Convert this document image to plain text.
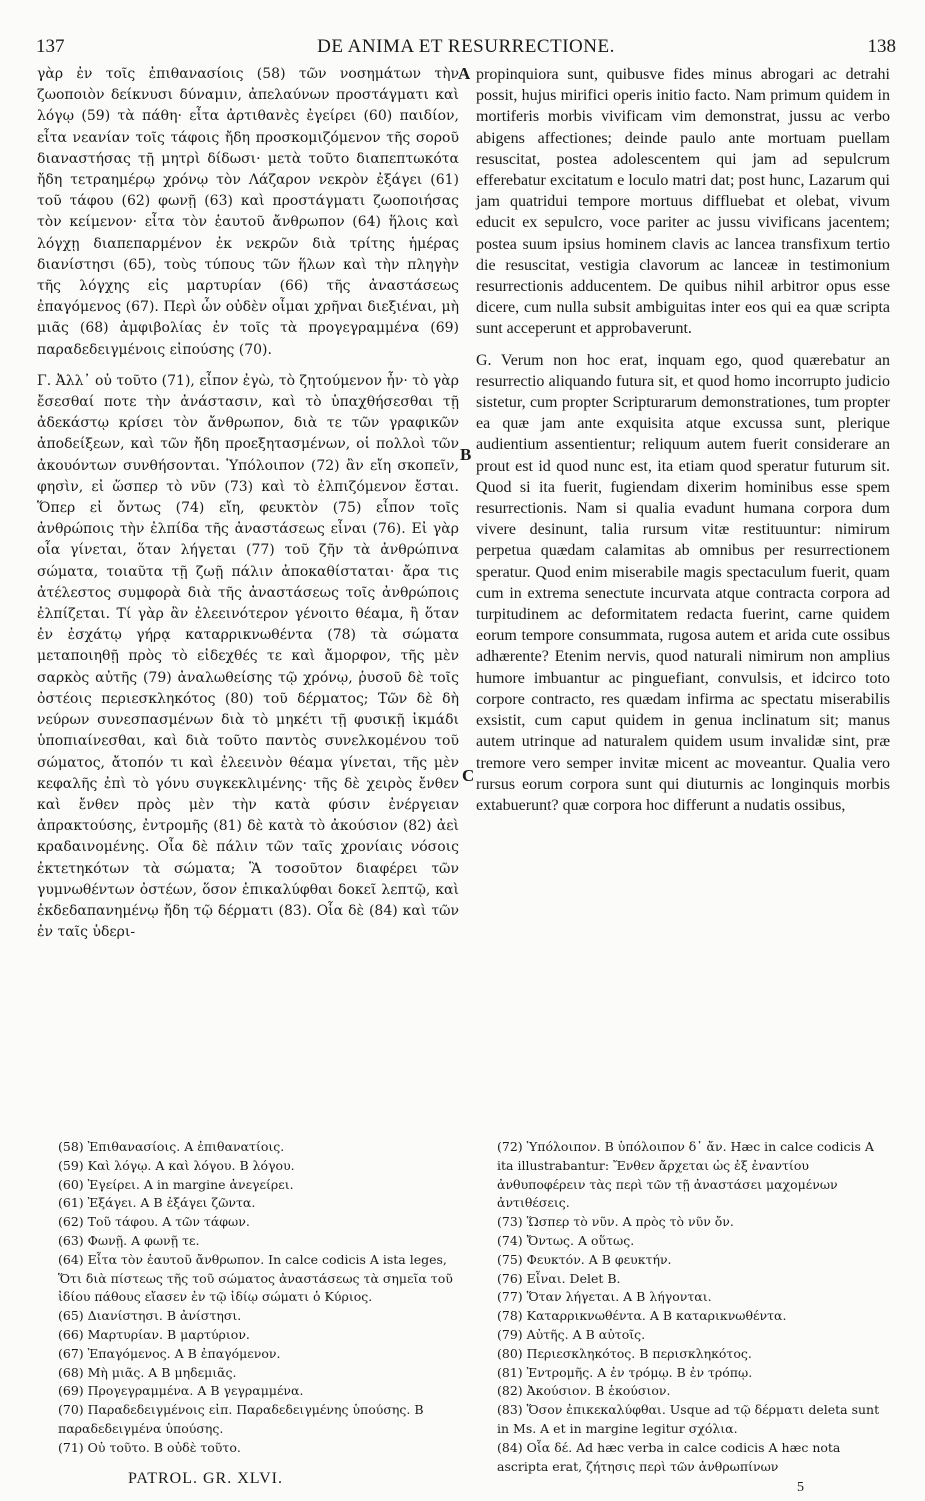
137	DE ANIMA ET RESURRECTIONE.	138

γὰρ ἐν τοῖς ἐπιθανασίοις (58) τῶν νοσημάτων τὴν ζωοποιὸν δείκνυσι δύναμιν, ἀπελαύνων προστάγματι καὶ λόγῳ (59) τὰ πάθη· εἶτα ἀρτιθανὲς ἐγείρει (60) παιδίον, εἶτα νεανίαν τοῖς τάφοις ἤδη προσκομιζόμενον τῆς σοροῦ διαναστήσας τῇ μητρὶ δίδωσι· μετὰ τοῦτο διαπεπτωκότα ἤδη τετραημέρῳ χρόνῳ τὸν Λάζαρον νεκρὸν ἐξάγει (61) τοῦ τάφου (62) φωνῇ (63) καὶ προστάγματι ζωοποιήσας τὸν κείμενον· εἶτα τὸν ἑαυτοῦ ἄνθρωπον (64) ἥλοις καὶ λόγχῃ διαπεπαρμένον ἐκ νεκρῶν διὰ τρίτης ἡμέρας διανίστησι (65), τοὺς τύπους τῶν ἥλων καὶ τὴν πληγὴν τῆς λόγχης εἰς μαρτυρίαν (66) τῆς ἀναστάσεως ἐπαγόμενος (67). Περὶ ὧν οὐδὲν οἶμαι χρῆναι διεξιέναι, μὴ μιᾶς (68) ἀμφιβολίας ἐν τοῖς τὰ προγεγραμμένα (69) παραδεδειγμένοις εἰπούσης (70).

Γ. Ἀλλ᾽ οὐ τοῦτο (71), εἶπον ἐγὼ, τὸ ζητούμενον ἦν· τὸ γὰρ ἔσεσθαί ποτε τὴν ἀνάστασιν, καὶ τὸ ὑπαχθήσεσθαι τῇ ἀδεκάστῳ κρίσει τὸν ἄνθρωπον, διὰ τε τῶν γραφικῶν ἀποδείξεων, καὶ τῶν ἤδη προεξητασμένων, οἱ πολλοὶ τῶν ἀκουόντων συνθήσονται. Ὑπόλοιπον (72) ἂν εἴη σκοπεῖν, φησὶν, εἰ ὥσπερ τὸ νῦν (73) καὶ τὸ ἐλπιζόμενον ἔσται. Ὅπερ εἰ ὄντως (74) εἴη, φευκτὸν (75) εἶπον τοῖς ἀνθρώποις τὴν ἐλπίδα τῆς ἀναστάσεως εἶναι (76). Εἰ γὰρ οἷα γίνεται, ὅταν λήγεται (77) τοῦ ζῆν τὰ ἀνθρώπινα σώματα, τοιαῦτα τῇ ζωῇ πάλιν ἀποκαθίσταται· ἄρα τις ἀτέλεστος συμφορὰ διὰ τῆς ἀναστάσεως τοῖς ἀνθρώποις ἐλπίζεται. Τί γὰρ ἂν ἐλεεινότερον γένοιτο θέαμα, ἢ ὅταν ἐν ἐσχάτῳ γήρᾳ καταρρικνωθέντα (78) τὰ σώματα μεταποιηθῇ πρὸς τὸ εἰδεχθές τε καὶ ἄμορφον, τῆς μὲν σαρκὸς αὐτῆς (79) ἀναλωθείσης τῷ χρόνῳ, ῥυσοῦ δὲ τοῖς ὀστέοις περιεσκληκότος (80) τοῦ δέρματος; Τῶν δὲ δὴ νεύρων συνεσπασμένων διὰ τὸ μηκέτι τῇ φυσικῇ ἰκμάδι ὑποπιαίνεσθαι, καὶ διὰ τοῦτο παντὸς συνελκομένου τοῦ σώματος, ἄτοπόν τι καὶ ἐλεεινὸν θέαμα γίνεται, τῆς μὲν κεφαλῆς ἐπὶ τὸ γόνυ συγκεκλιμένης· τῆς δὲ χειρὸς ἔνθεν καὶ ἔνθεν πρὸς μὲν τὴν κατὰ φύσιν ἐνέργειαν ἀπρακτούσης, ἐντρομῆς (81) δὲ κατὰ τὸ ἀκούσιον (82) ἀεὶ κραδαινομένης. Οἷα δὲ πάλιν τῶν ταῖς χρονίαις νόσοις ἐκτετηκότων τὰ σώματα; Ἃ τοσοῦτον διαφέρει τῶν γυμνωθέντων ὀστέων, ὅσον ἐπικαλύφθαι δοκεῖ λεπτῷ, καὶ ἐκδεδαπανημένῳ ἤδη τῷ δέρματι (83). Οἷα δὲ (84) καὶ τῶν ἐν ταῖς ὑδερι-

propinquiora sunt, quibusve fides minus abrogari ac detrahi possit, hujus mirifici operis initio facto. Nam primum quidem in mortiferis morbis vivificam vim demonstrat, jussu ac verbo abigens affectiones; deinde paulo ante mortuam puellam resuscitat, postea adolescentem qui jam ad sepulcrum efferebatur excitatum e loculo matri dat; post hunc, Lazarum qui jam quatridui tempore mortuus diffluebat et olebat, vivum educit ex sepulcro, voce pariter ac jussu vivificans jacentem; postea suum ipsius hominem clavis ac lancea transfixum tertio die resuscitat, vestigia clavorum ac lanceæ in testimonium resurrectionis adducentem. De quibus nihil arbitror opus esse dicere, cum nulla subsit ambiguitas inter eos qui ea quæ scripta sunt acceperunt et approbaverunt.

G. Verum non hoc erat, inquam ego, quod quærebatur an resurrectio aliquando futura sit, et quod homo incorrupto judicio sistetur, cum propter Scripturarum demonstrationes, tum propter ea quæ jam ante exquisita atque excussa sunt, plerique audientium assentientur; reliquum autem fuerit considerare an prout est id quod nunc est, ita etiam quod speratur futurum sit. Quod si ita fuerit, fugiendam dixerim hominibus esse spem resurrectionis. Nam si qualia evadunt humana corpora dum vivere desinunt, talia rursum vitæ restituuntur: nimirum perpetua quædam calamitas ab omnibus per resurrectionem speratur. Quod enim miserabile magis spectaculum fuerit, quam cum in extrema senectute incurvata atque contracta corpora ad turpitudinem ac deformitatem redacta fuerint, carne quidem eorum tempore consummata, rugosa autem et arida cute ossibus adhærente? Etenim nervis, quod naturali nimirum non amplius humore imbuantur ac pinguefiant, convulsis, et idcirco toto corpore contracto, res quædam infirma ac spectatu miserabilis exsistit, cum caput quidem in genua inclinatum sit; manus autem utrinque ad naturalem quidem usum invalidæ sint, præ tremore vero semper invitæ micent ac moveantur. Qualia vero rursus eorum corpora sunt qui diuturnis ac longinquis morbis extabuerunt? quæ corpora hoc differunt a nudatis ossibus,

A
B
C

(58) Ἐπιθανασίοις. A ἐπιθανατίοις.

(59) Καὶ λόγῳ. A καὶ λόγου. B λόγου.

(60) Ἐγείρει. A in margine ἀνεγείρει.

(61) Ἐξάγει. A B ἐξάγει ζῶντα.

(62) Τοῦ τάφου. A τῶν τάφων.

(63) Φωνῇ. A φωνῇ τε.

(64) Εἶτα τὸν ἑαυτοῦ ἄνθρωπον. In calce codicis A ista leges, Ὅτι διὰ πίστεως τῆς τοῦ σώματος ἀναστάσεως τὰ σημεῖα τοῦ ἰδίου πάθους εἴασεν ἐν τῷ ἰδίῳ σώματι ὁ Κύριος.

(65) Διανίστησι. B ἀνίστησι.

(66) Μαρτυρίαν. B μαρτύριον.

(67) Ἐπαγόμενος. A B ἐπαγόμενον.

(68) Μὴ μιᾶς. A B μηδεμιᾶς.

(69) Προγεγραμμένα. A B γεγραμμένα.

(70) Παραδεδειγμένοις εἰπ. Παραδεδειγμένης ὑπούσης. B παραδεδειγμένα ὑπούσης.

(71) Οὐ τοῦτο. B οὐδὲ τοῦτο.

(72) Ὑπόλοιπον. B ὑπόλοιπον δ᾽ ἄν. Hæc in calce codicis A ita illustrabantur: Ἔνθεν ἄρχεται ὡς ἐξ ἐναντίου ἀνθυποφέρειν τὰς περὶ τῶν τῇ ἀναστάσει μαχομένων ἀντιθέσεις.

(73) Ὥσπερ τὸ νῦν. A πρὸς τὸ νῦν ὄν.

(74) Ὄντως. A οὕτως.

(75) Φευκτόν. A B φευκτήν.

(76) Εἶναι. Delet B.

(77) Ὅταν λήγεται. A B λήγονται.

(78) Καταρρικνωθέντα. A B καταρικνωθέντα.

(79) Αὐτῆς. A B αὐτοῖς.

(80) Περιεσκληκότος. B περισκληκότος.

(81) Ἐντρομῆς. A ἐν τρόμῳ. B ἐν τρόπῳ.

(82) Ἀκούσιον. B ἑκούσιον.

(83) Ὅσον ἐπικεκαλύφθαι. Usque ad τῷ δέρματι deleta sunt in Ms. A et in margine legitur σχόλια.

(84) Οἷα δέ. Ad hæc verba in calce codicis A hæc nota ascripta erat, ζήτησις περὶ τῶν ἀνθρωπίνων

PATROL. GR. XLVI.
5
